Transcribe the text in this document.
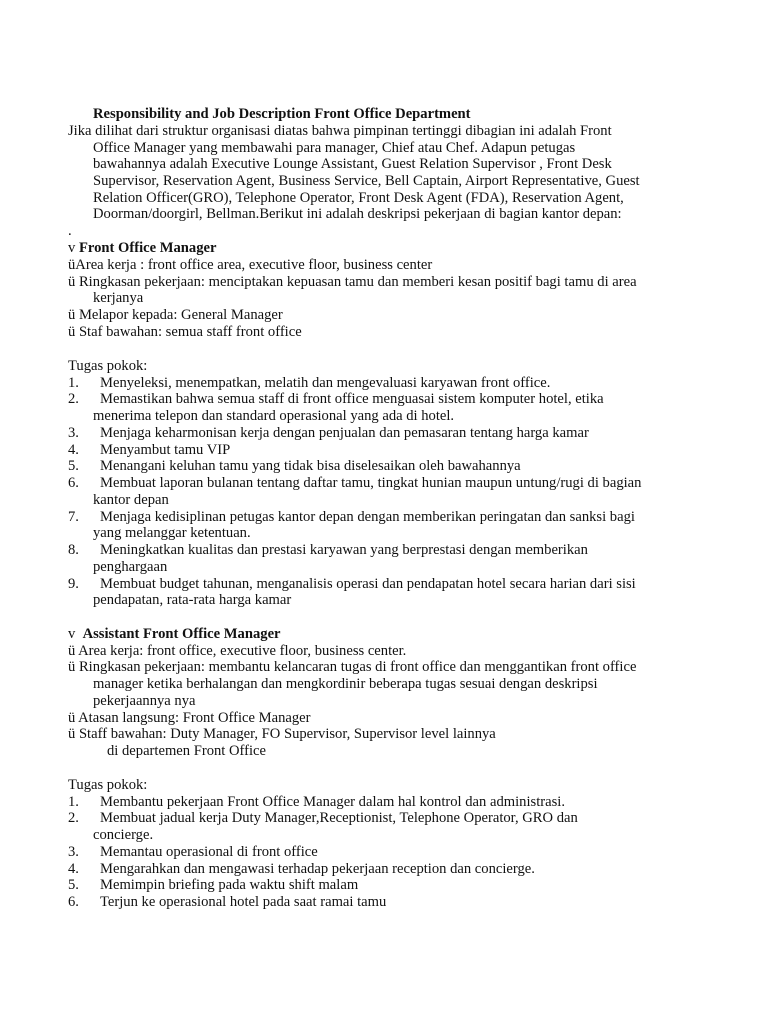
Responsibility and Job Description Front Office Department
Jika dilihat dari struktur organisasi diatas bahwa pimpinan tertinggi dibagian ini adalah Front
Office Manager yang membawahi para manager, Chief atau Chef. Adapun petugas
bawahannya adalah Executive Lounge Assistant, Guest Relation Supervisor , Front Desk
Supervisor, Reservation Agent, Business Service, Bell Captain, Airport Representative, Guest
Relation Officer(GRO), Telephone Operator, Front Desk Agent (FDA), Reservation Agent,
Doorman/doorgirl, Bellman.Berikut ini adalah deskripsi pekerjaan di bagian kantor depan:
.
v Front Office Manager
üArea kerja : front office area, executive floor, business center
ü Ringkasan pekerjaan: menciptakan kepuasan tamu dan memberi kesan positif bagi tamu di area
kerjanya
ü Melapor kepada: General Manager
ü Staf bawahan: semua staff front office
Tugas pokok:
1. Menyeleksi, menempatkan, melatih dan mengevaluasi karyawan front office.
2. Memastikan bahwa semua staff di front office menguasai sistem komputer hotel, etika
menerima telepon dan standard operasional yang ada di hotel.
3. Menjaga keharmonisan kerja dengan penjualan dan pemasaran tentang harga kamar
4. Menyambut tamu VIP
5. Menangani keluhan tamu yang tidak bisa diselesaikan oleh bawahannya
6. Membuat laporan bulanan tentang daftar tamu, tingkat hunian maupun untung/rugi di bagian
kantor depan
7. Menjaga kedisiplinan petugas kantor depan dengan memberikan peringatan dan sanksi bagi
yang melanggar ketentuan.
8. Meningkatkan kualitas dan prestasi karyawan yang berprestasi dengan memberikan
penghargaan
9. Membuat budget tahunan, menganalisis operasi dan pendapatan hotel secara harian dari sisi
pendapatan, rata-rata harga kamar
v Assistant Front Office Manager
ü Area kerja: front office, executive floor, business center.
ü Ringkasan pekerjaan: membantu kelancaran tugas di front office dan menggantikan front office
manager ketika berhalangan dan mengkordinir beberapa tugas sesuai dengan deskripsi
pekerjaannya nya
ü Atasan langsung: Front Office Manager
ü Staff bawahan: Duty Manager, FO Supervisor, Supervisor level lainnya
di departemen Front Office
Tugas pokok:
1. Membantu pekerjaan Front Office Manager dalam hal kontrol dan administrasi.
2. Membuat jadual kerja Duty Manager,Receptionist, Telephone Operator, GRO dan
concierge.
3. Memantau operasional di front office
4. Mengarahkan dan mengawasi terhadap pekerjaan reception dan concierge.
5. Memimpin briefing pada waktu shift malam
6. Terjun ke operasional hotel pada saat ramai tamu
